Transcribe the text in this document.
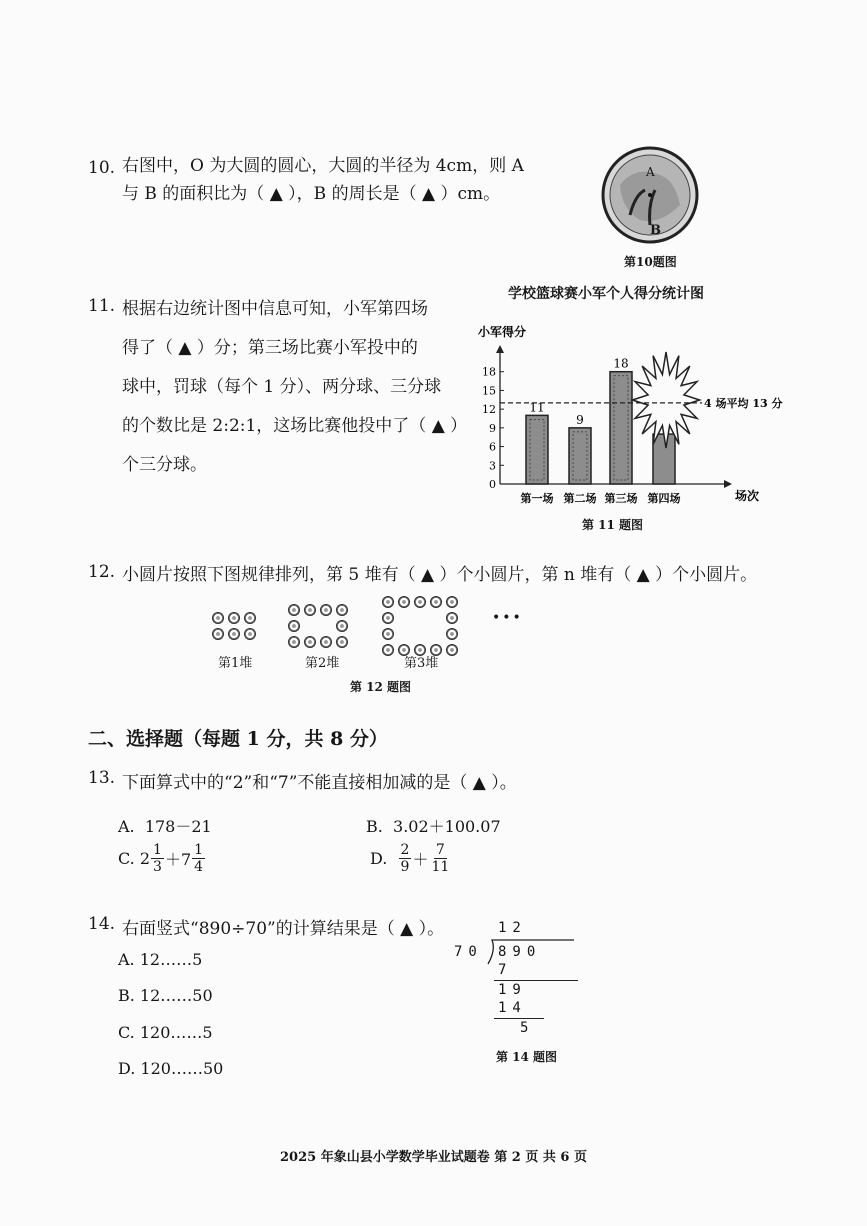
10. 右图中，O 为大圆的圆心，大圆的半径为 4cm，则 A
与 B 的面积比为（ ▲ ），B 的周长是（ ▲ ）cm。
A
B
第10题图
11. 根据右边统计图中信息可知，小军第四场
得了（ ▲ ）分；第三场比赛小军投中的
球中，罚球（每个 1 分）、两分球、三分球
的个数比是 2:2:1，这场比赛他投中了（ ▲ ）
个三分球。
学校篮球赛小军个人得分统计图
小军得分
场次
0
3
6
9
12
15
18
第一场
11
第二场
9
第三场
18
第四场
4 场平均 13 分
第 11 题图
12. 小圆片按照下图规律排列，第 5 堆有（ ▲ ）个小圆片，第 n 堆有（ ▲ ）个小圆片。
第1堆	第2堆	第3堆
•••
第 12 题图
二、选择题（每题 1 分，共 8 分）
13. 下面算式中的“2”和“7”不能直接相加减的是（ ▲ ）。
A. 178－21	B. 3.02＋100.07
C.
$2 \frac{1}{3} +7 \frac{1}{4}$	D.
$\frac{2}{9} + \frac{7}{11}$
14. 右面竖式“890÷70”的计算结果是（ ▲ ）。
A. 12……5
B. 12……50
C. 120……5
D. 120……50
12
70 890
7
19
14
5
第 14 题图
2025 年象山县小学数学毕业试题卷 第 2 页 共 6 页
